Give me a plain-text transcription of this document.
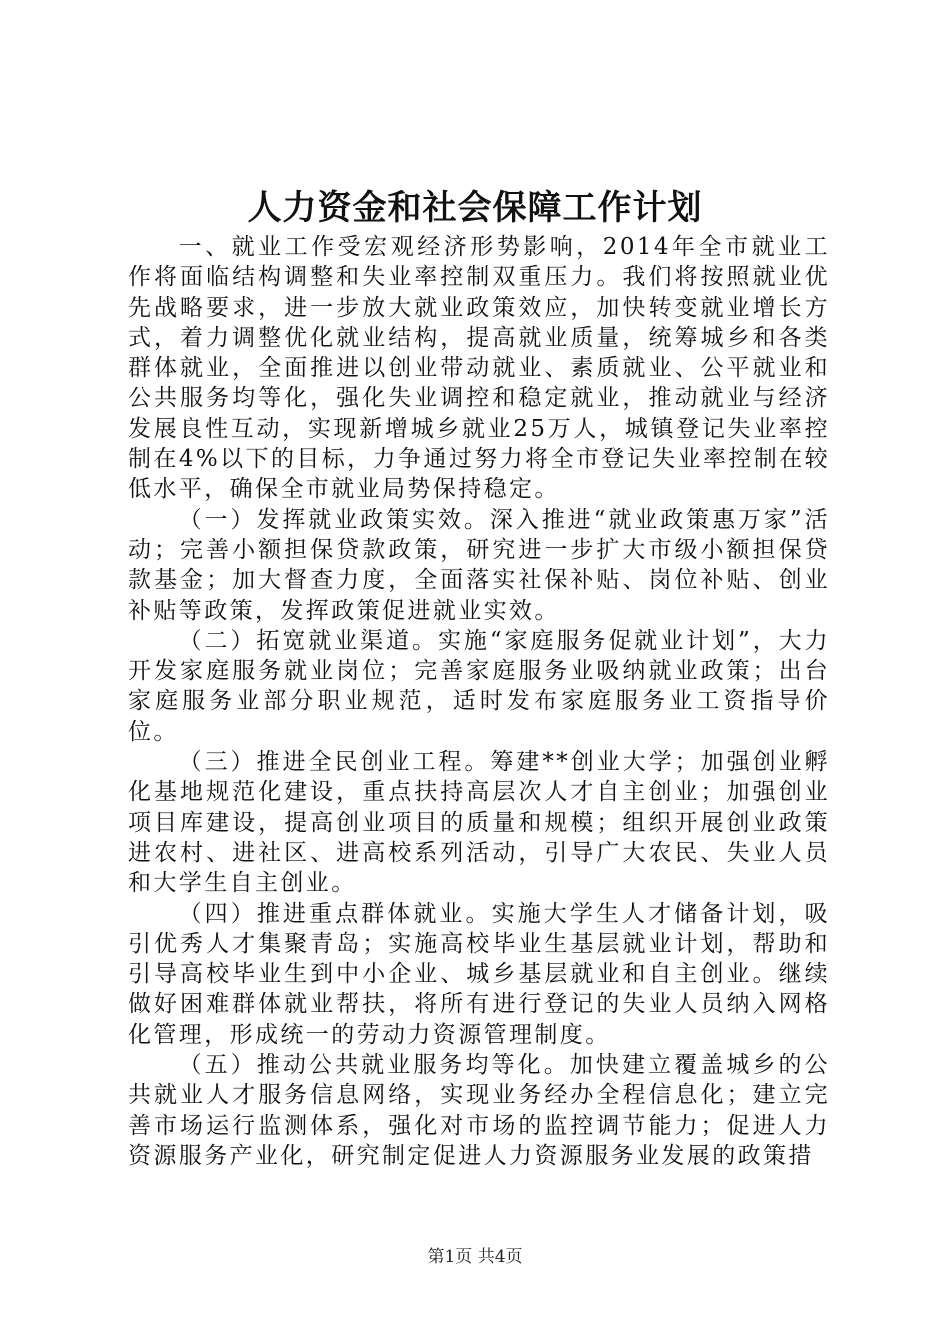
人力资金和社会保障工作计划

一、就业工作受宏观经济形势影响，2014年全市就业工作将面临结构调整和失业率控制双重压力。我们将按照就业优先战略要求，进一步放大就业政策效应，加快转变就业增长方式，着力调整优化就业结构，提高就业质量，统筹城乡和各类群体就业，全面推进以创业带动就业、素质就业、公平就业和公共服务均等化，强化失业调控和稳定就业，推动就业与经济发展良性互动，实现新增城乡就业25万人，城镇登记失业率控制在4%以下的目标，力争通过努力将全市登记失业率控制在较低水平，确保全市就业局势保持稳定。

（一）发挥就业政策实效。深入推进“就业政策惠万家”活动；完善小额担保贷款政策，研究进一步扩大市级小额担保贷款基金；加大督查力度，全面落实社保补贴、岗位补贴、创业补贴等政策，发挥政策促进就业实效。

（二）拓宽就业渠道。实施“家庭服务促就业计划”，大力开发家庭服务就业岗位；完善家庭服务业吸纳就业政策；出台家庭服务业部分职业规范，适时发布家庭服务业工资指导价位。

（三）推进全民创业工程。筹建**创业大学；加强创业孵化基地规范化建设，重点扶持高层次人才自主创业；加强创业项目库建设，提高创业项目的质量和规模；组织开展创业政策进农村、进社区、进高校系列活动，引导广大农民、失业人员和大学生自主创业。

（四）推进重点群体就业。实施大学生人才储备计划，吸引优秀人才集聚青岛；实施高校毕业生基层就业计划，帮助和引导高校毕业生到中小企业、城乡基层就业和自主创业。继续做好困难群体就业帮扶，将所有进行登记的失业人员纳入网格化管理，形成统一的劳动力资源管理制度。

（五）推动公共就业服务均等化。加快建立覆盖城乡的公共就业人才服务信息网络，实现业务经办全程信息化；建立完善市场运行监测体系，强化对市场的监控调节能力；促进人力资源服务产业化，研究制定促进人力资源服务业发展的政策措

第1页 共4页
